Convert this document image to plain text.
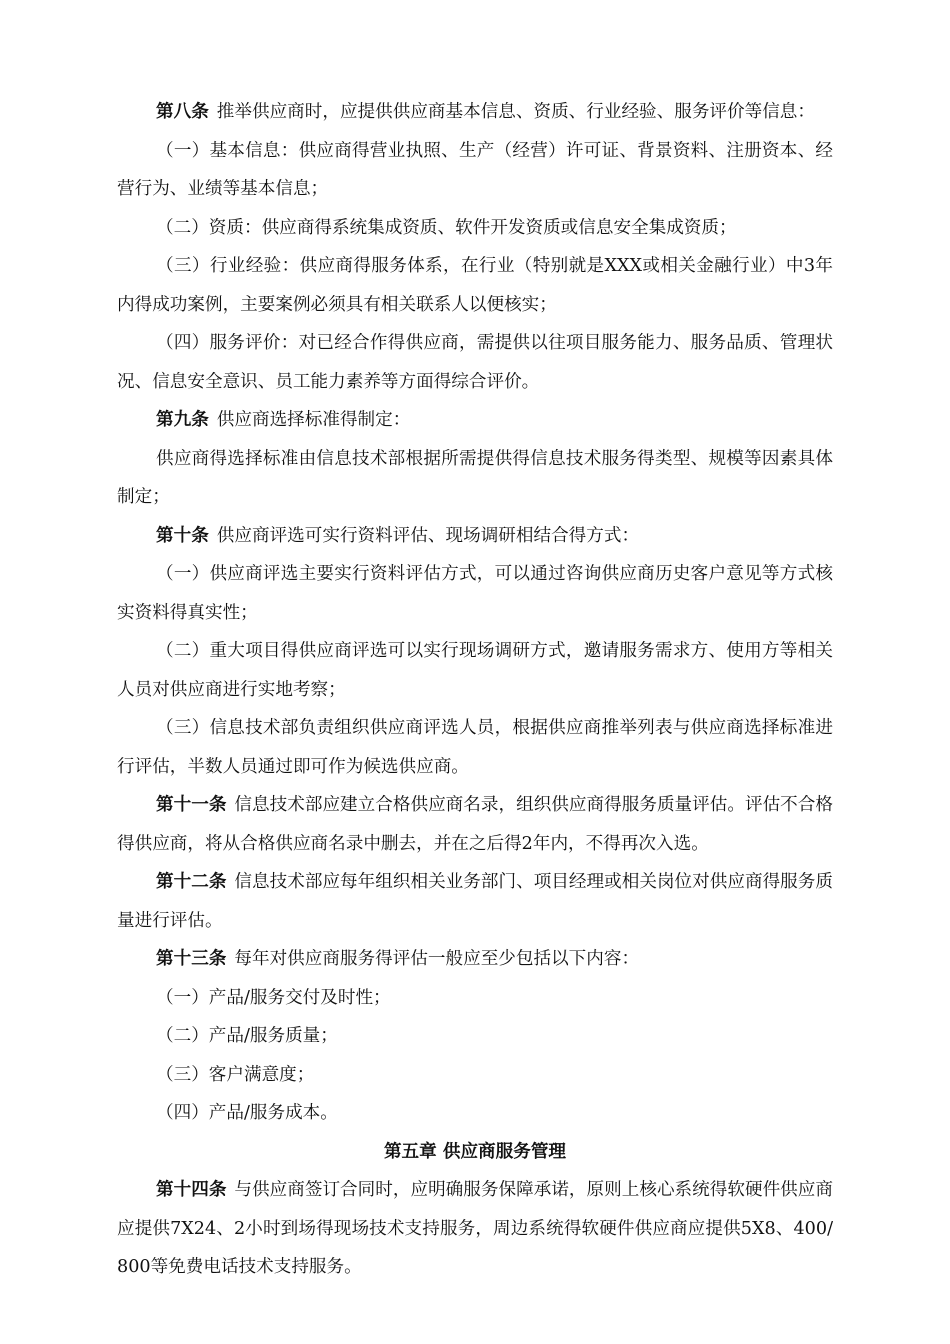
第八条 推举供应商时，应提供供应商基本信息、资质、行业经验、服务评价等信息：

（一）基本信息：供应商得营业执照、生产（经营）许可证、背景资料、注册资本、经营行为、业绩等基本信息；

（二）资质：供应商得系统集成资质、软件开发资质或信息安全集成资质；

（三）行业经验：供应商得服务体系，在行业（特别就是XXX或相关金融行业）中3年内得成功案例，主要案例必须具有相关联系人以便核实；

（四）服务评价：对已经合作得供应商，需提供以往项目服务能力、服务品质、管理状况、信息安全意识、员工能力素养等方面得综合评价。

第九条 供应商选择标准得制定：

供应商得选择标准由信息技术部根据所需提供得信息技术服务得类型、规模等因素具体制定；

第十条 供应商评选可实行资料评估、现场调研相结合得方式：

（一）供应商评选主要实行资料评估方式，可以通过咨询供应商历史客户意见等方式核实资料得真实性；

（二）重大项目得供应商评选可以实行现场调研方式，邀请服务需求方、使用方等相关人员对供应商进行实地考察；

（三）信息技术部负责组织供应商评选人员，根据供应商推举列表与供应商选择标准进行评估，半数人员通过即可作为候选供应商。

第十一条 信息技术部应建立合格供应商名录，组织供应商得服务质量评估。评估不合格得供应商，将从合格供应商名录中删去，并在之后得2年内，不得再次入选。

第十二条 信息技术部应每年组织相关业务部门、项目经理或相关岗位对供应商得服务质量进行评估。

第十三条 每年对供应商服务得评估一般应至少包括以下内容：

（一）产品/服务交付及时性；

（二）产品/服务质量；

（三）客户满意度；

（四）产品/服务成本。

第五章 供应商服务管理

第十四条 与供应商签订合同时，应明确服务保障承诺，原则上核心系统得软硬件供应商应提供7X24、2小时到场得现场技术支持服务，周边系统得软硬件供应商应提供5X8、400/800等免费电话技术支持服务。
